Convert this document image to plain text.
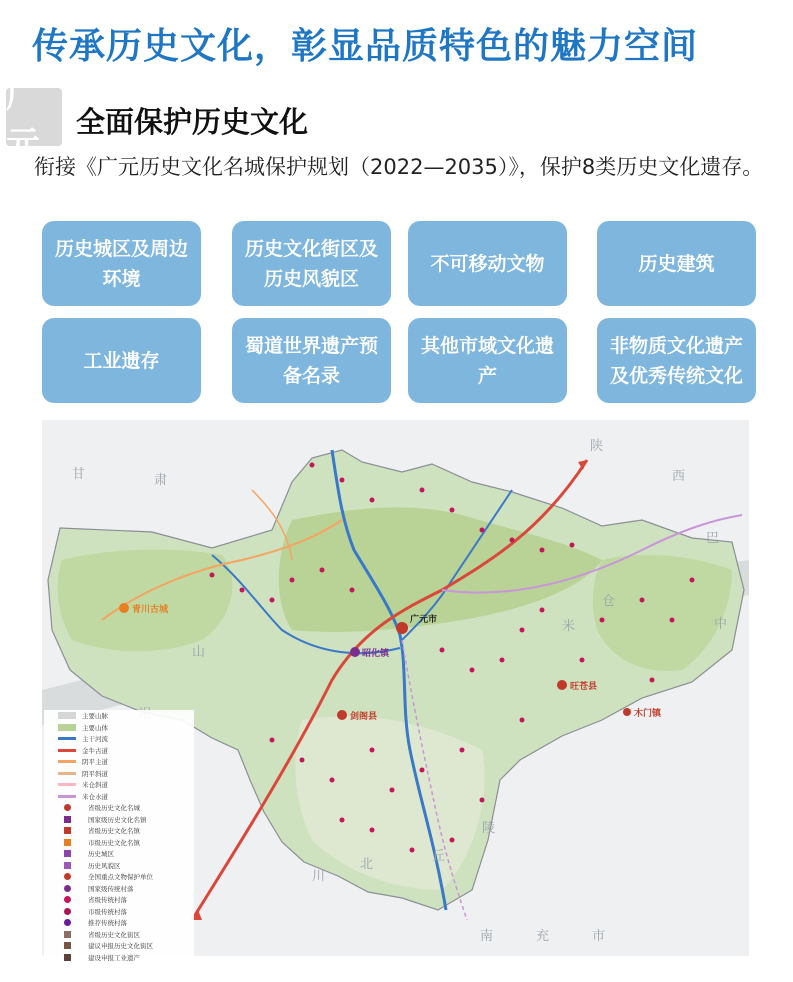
传承历史文化，彰显品质特色的魅力空间
广元
全面保护历史文化

衔接《广元历史文化名城保护规划（2022—2035）》，保护8类历史文化遗存。

历史城区及周边环境
历史文化街区及历史风貌区
不可移动文物	历史建筑
工业遗存
蜀道世界遗产预备名录
其他市域文化遗产
非物质文化遗产及优秀传统文化
广元市
昭化镇
剑阁县
旺苍县
青川古城
木门镇
甘	肃
陕
西
巴
中
山
川
北
丘
陵
南	充	市
米
仓
主要山脉
主要山体
主干河流
金牛古道
阴平主道
阴平斜道
米仓斜道
米仓水道
省级历史文化名城
国家级历史文化名镇
省级历史文化名镇
市级历史文化名镇
历史城区
历史风貌区
全国重点文物保护单位
国家级传统村落
省级传统村落
市级传统村落
推荐传统村落
省级历史文化街区
建议申报历史文化街区
建设申报工业遗产
